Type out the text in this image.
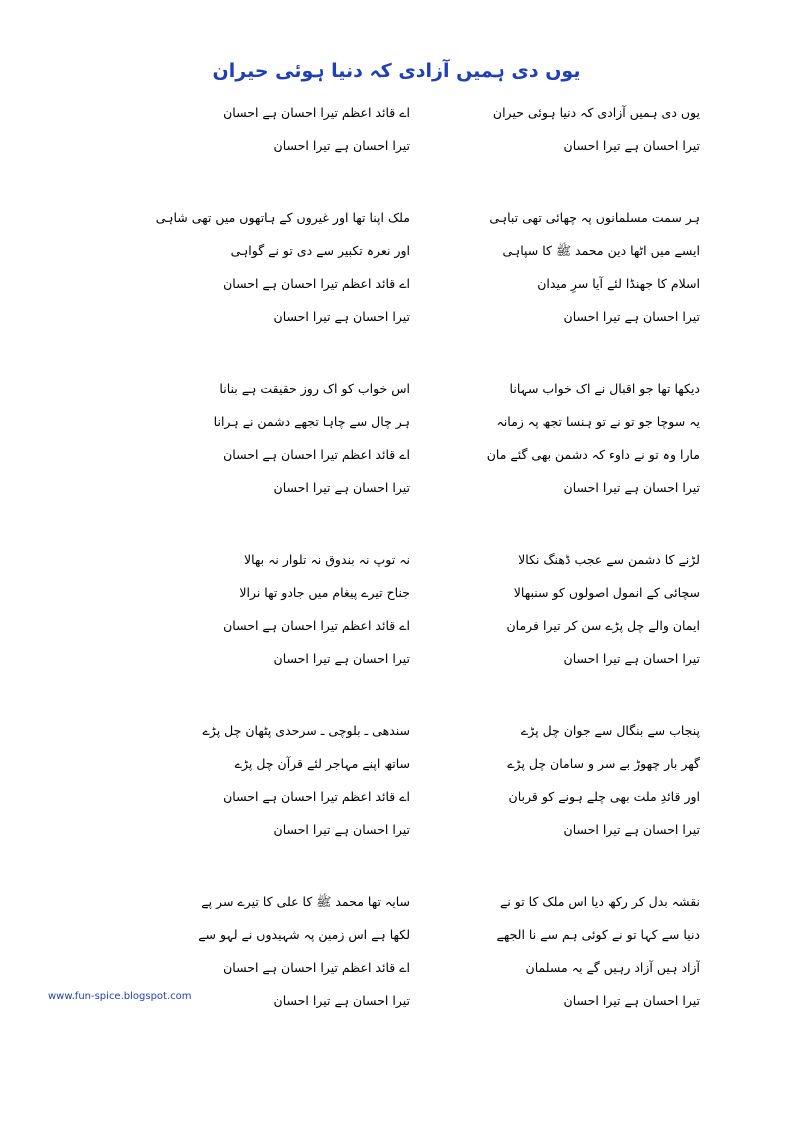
یوں دی ہمیں آزادی کہ دنیا ہوئی حیران
یوں دی ہمیں آزادی کہ دنیا ہوئی حیران
تیرا احسان ہے تیرا احسان
ہر سمت مسلمانوں پہ چھائی تھی تباہی
ایسے میں اٹھا دین محمد ﷺ کا سپاہی
اسلام کا جھنڈا لئے آیا سرِ میدان
تیرا احسان ہے تیرا احسان
دیکھا تھا جو اقبال نے اک خواب سہانا
یہ سوچا جو تو نے تو ہنسا تجھ پہ زمانہ
مارا وہ تو نے داوء کہ دشمن بھی گئے مان
تیرا احسان ہے تیرا احسان
لڑنے کا دشمن سے عجب ڈھنگ نکالا
سچائی کے انمول اصولوں کو سنبھالا
ایمان والے چل پڑے سن کر تیرا فرمان
تیرا احسان ہے تیرا احسان
پنجاب سے بنگال سے جوان چل پڑے
گھر بار چھوڑ بے سر و سامان چل پڑے
اور قائدِ ملت بھی چلے ہونے کو قربان
تیرا احسان ہے تیرا احسان
نقشہ بدل کر رکھ دیا اس ملک کا تو نے
دنیا سے کہا تو نے کوئی ہم سے نا الجھے
آزاد ہیں آزاد رہیں گے یہ مسلمان
تیرا احسان ہے تیرا احسان
اے قائد اعظم تیرا احسان ہے احسان
تیرا احسان ہے تیرا احسان
ملک اپنا تھا اور غیروں کے ہاتھوں میں تھی شاہی
اور نعرہ تکبیر سے دی تو نے گواہی
اے قائد اعظم تیرا احسان ہے احسان
تیرا احسان ہے تیرا احسان
اس خواب کو اک روز حقیقت ہے بنانا
ہر چال سے چاہا تجھے دشمن نے ہرانا
اے قائد اعظم تیرا احسان ہے احسان
تیرا احسان ہے تیرا احسان
نہ توپ نہ بندوق نہ تلوار نہ بھالا
جناح تیرے پیغام میں جادو تھا نرالا
اے قائد اعظم تیرا احسان ہے احسان
تیرا احسان ہے تیرا احسان
سندھی ـ بلوچی ـ سرحدی پٹھان چل پڑے
ساتھ اپنے مہاجر لئے قرآن چل پڑے
اے قائد اعظم تیرا احسان ہے احسان
تیرا احسان ہے تیرا احسان
سایہ تھا محمد ﷺ کا علی کا تیرے سر پے
لکھا ہے اس زمین پہ شہیدوں نے لہو سے
اے قائد اعظم تیرا احسان ہے احسان
تیرا احسان ہے تیرا احسان
www.fun-spice.blogspot.com
